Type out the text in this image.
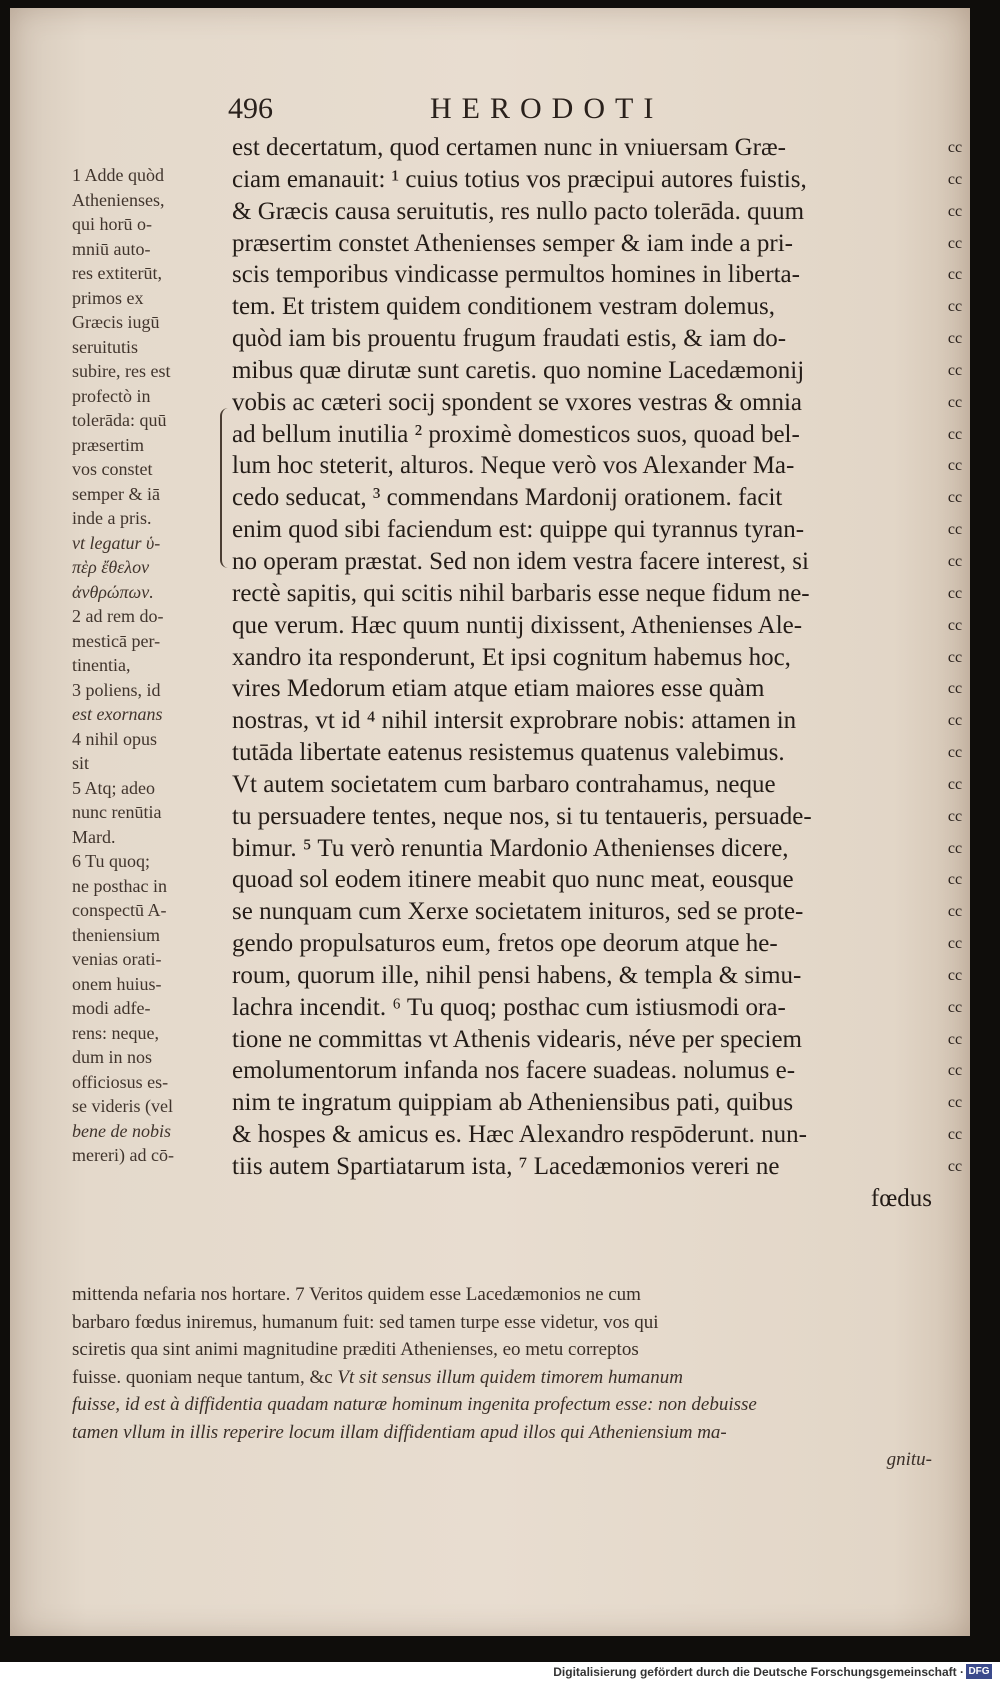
496	HERODOTI
1 Adde quòd
Athenienses,
qui horū o-
mniū auto-
res extiterūt,
primos ex
Græcis iugū
seruitutis
subire, res est
profectò in
tolerāda: quū
præsertim
vos constet
semper & iā
inde a pris.
vt legatur ὑ-
πὲρ ἔθελον
ἀνθρώπων.
2 ad rem do-
mesticā per-
tinentia,
3 poliens, id
est exornans
4 nihil opus
sit
5 Atq; adeo
nunc renūtia
Mard.
6 Tu quoq;
ne posthac in
conspectū A-
theniensium
venias orati-
onem huius-
modi adfe-
rens: neque,
dum in nos
officiosus es-
se videris (vel
bene de nobis
mereri) ad cō-
est decertatum, quod certamen nunc in vniuersam Græ-
ciam emanauit: ¹ cuius totius vos præcipui autores fuistis,
& Græcis causa seruitutis, res nullo pacto tolerāda. quum
præsertim constet Athenienses semper & iam inde a pri-
scis temporibus vindicasse permultos homines in liberta-
tem. Et tristem quidem conditionem vestram dolemus,
quòd iam bis prouentu frugum fraudati estis, & iam do-
mibus quæ dirutæ sunt caretis. quo nomine Lacedæmonij
vobis ac cæteri socij spondent se vxores vestras & omnia
ad bellum inutilia ² proximè domesticos suos, quoad bel-
lum hoc steterit, alturos. Neque verò vos Alexander Ma-
cedo seducat, ³ commendans Mardonij orationem. facit
enim quod sibi faciendum est: quippe qui tyrannus tyran-
no operam præstat. Sed non idem vestra facere interest, si
rectè sapitis, qui scitis nihil barbaris esse neque fidum ne-
que verum. Hæc quum nuntij dixissent, Athenienses Ale-
xandro ita responderunt, Et ipsi cognitum habemus hoc,
vires Medorum etiam atque etiam maiores esse quàm
nostras, vt id ⁴ nihil intersit exprobrare nobis: attamen in
tutāda libertate eatenus resistemus quatenus valebimus.
Vt autem societatem cum barbaro contrahamus, neque
tu persuadere tentes, neque nos, si tu tentaueris, persuade-
bimur. ⁵ Tu verò renuntia Mardonio Athenienses dicere,
quoad sol eodem itinere meabit quo nunc meat, eousque
se nunquam cum Xerxe societatem inituros, sed se prote-
gendo propulsaturos eum, fretos ope deorum atque he-
roum, quorum ille, nihil pensi habens, & templa & simu-
lachra incendit. ⁶ Tu quoq; posthac cum istiusmodi ora-
tione ne committas vt Athenis videaris, néve per speciem
emolumentorum infanda nos facere suadeas. nolumus e-
nim te ingratum quippiam ab Atheniensibus pati, quibus
& hospes & amicus es. Hæc Alexandro respōderunt. nun-
tiis autem Spartiatarum ista, ⁷ Lacedæmonios vereri ne
fœdus
cc
cc
cc
cc
cc
cc
cc
cc
cc
cc
cc
cc
cc
cc
cc
cc
cc
cc
cc
cc
cc
cc
cc
cc
cc
cc
cc
cc
cc
cc
cc
cc
cc
mittenda nefaria nos hortare. 7 Veritos quidem esse Lacedæmonios ne cum
barbaro fœdus iniremus, humanum fuit: sed tamen turpe esse videtur, vos qui
sciretis qua sint animi magnitudine præditi Athenienses, eo metu correptos
fuisse. quoniam neque tantum, &c Vt sit sensus illum quidem timorem humanum
fuisse, id est à diffidentia quadam naturæ hominum ingenita profectum esse: non debuisse
tamen vllum in illis reperire locum illam diffidentiam apud illos qui Atheniensium ma-
gnitu-
Digitalisierung gefördert durch die Deutsche Forschungsgemeinschaft · DFG
